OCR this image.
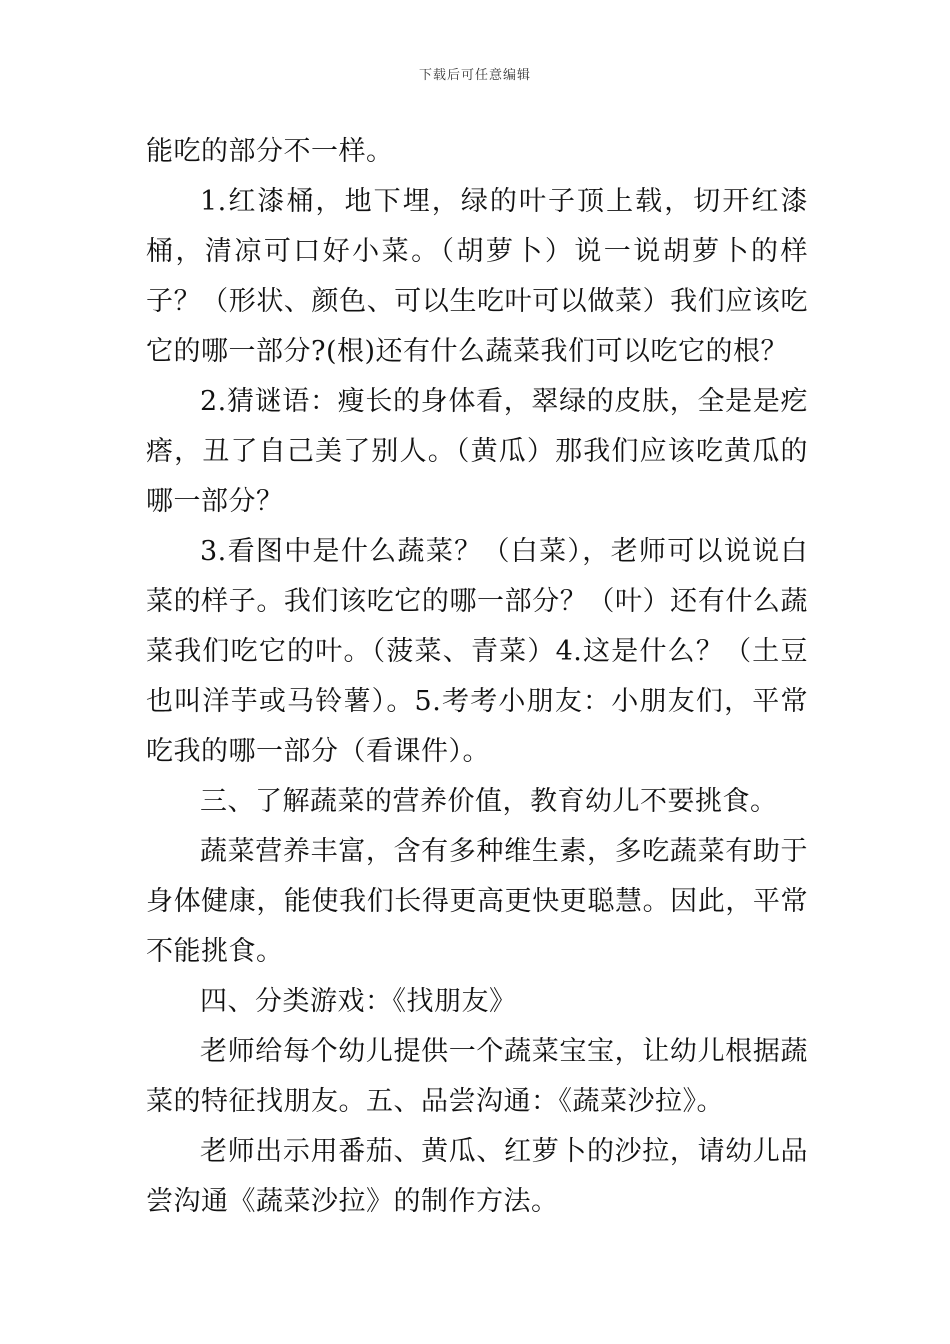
下载后可任意编辑

能吃的部分不一样。

1.红漆桶，地下埋，绿的叶子顶上载，切开红漆桶，清凉可口好小菜。（胡萝卜）说一说胡萝卜的样子？（形状、颜色、可以生吃叶可以做菜）我们应该吃它的哪一部分?(根)还有什么蔬菜我们可以吃它的根？

2.猜谜语：瘦长的身体看，翠绿的皮肤，全是是疙瘩，丑了自己美了别人。（黄瓜）那我们应该吃黄瓜的哪一部分？

3.看图中是什么蔬菜？（白菜），老师可以说说白菜的样子。我们该吃它的哪一部分？（叶）还有什么蔬菜我们吃它的叶。（菠菜、青菜）4.这是什么？（土豆也叫洋芋或马铃薯）。5.考考小朋友：小朋友们，平常吃我的哪一部分（看课件）。

三、了解蔬菜的营养价值，教育幼儿不要挑食。

蔬菜营养丰富，含有多种维生素，多吃蔬菜有助于身体健康，能使我们长得更高更快更聪慧。因此，平常不能挑食。

四、分类游戏：《找朋友》

老师给每个幼儿提供一个蔬菜宝宝，让幼儿根据蔬菜的特征找朋友。五、品尝沟通：《蔬菜沙拉》。

老师出示用番茄、黄瓜、红萝卜的沙拉，请幼儿品尝沟通《蔬菜沙拉》的制作方法。
